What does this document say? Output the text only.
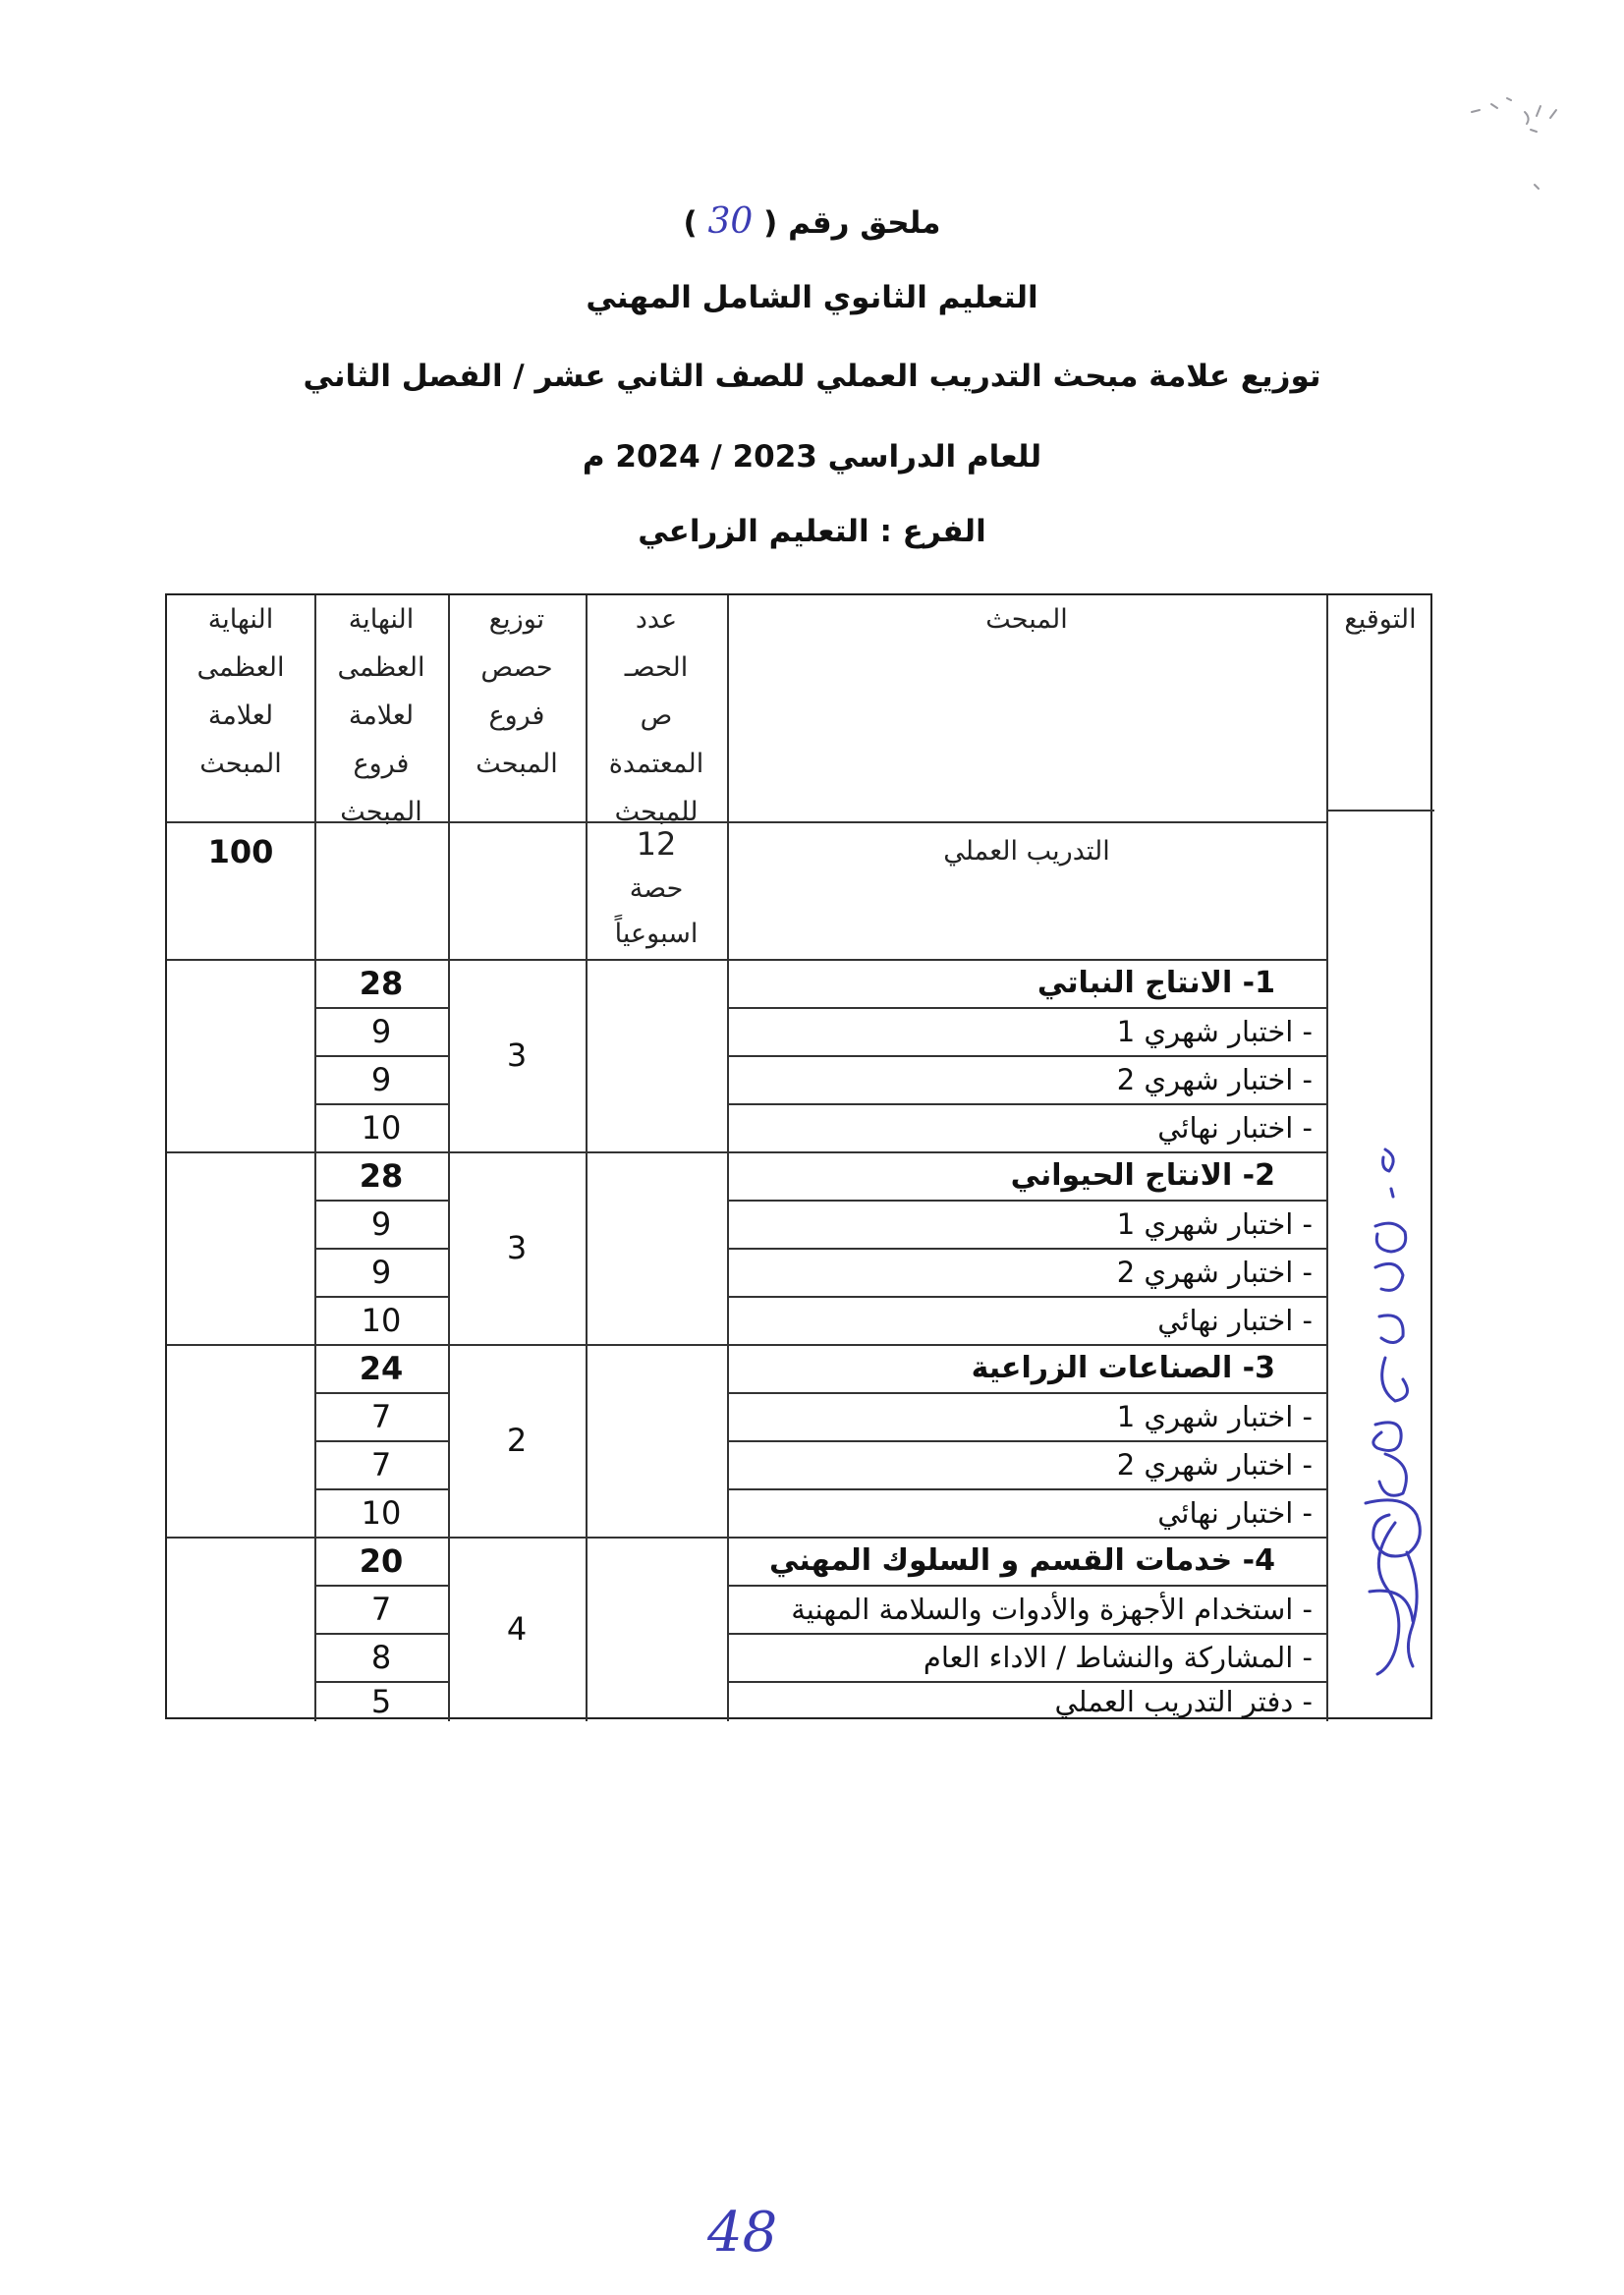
ملحق رقم ( 30 )
التعليم الثانوي الشامل المهني
توزيع علامة مبحث التدريب العملي للصف الثاني عشر / الفصل الثاني
للعام الدراسي 2023 / 2024 م
الفرع : التعليم الزراعي
التوقيع
المبحث
عدد
الحصـ
ص
المعتمدة
للمبحث
توزيع
حصص
فروع
المبحث
النهاية
العظمى
لعلامة
فروع
المبحث
النهاية
العظمى
لعلامة
المبحث
التدريب العملي
12
حصة
اسبوعياً
100
1- الانتاج النباتي
- اختبار شهري 1
- اختبار شهري 2
- اختبار نهائي
3
28
9
9
10
2- الانتاج الحيواني
- اختبار شهري 1
- اختبار شهري 2
- اختبار نهائي
3
28
9
9
10
3- الصناعات الزراعية
- اختبار شهري 1
- اختبار شهري 2
- اختبار نهائي
2
24
7
7
10
4- خدمات القسم و السلوك المهني
- استخدام الأجهزة والأدوات والسلامة المهنية
- المشاركة والنشاط / الاداء العام
- دفتر التدريب العملي
4
20
7
8
5
48
